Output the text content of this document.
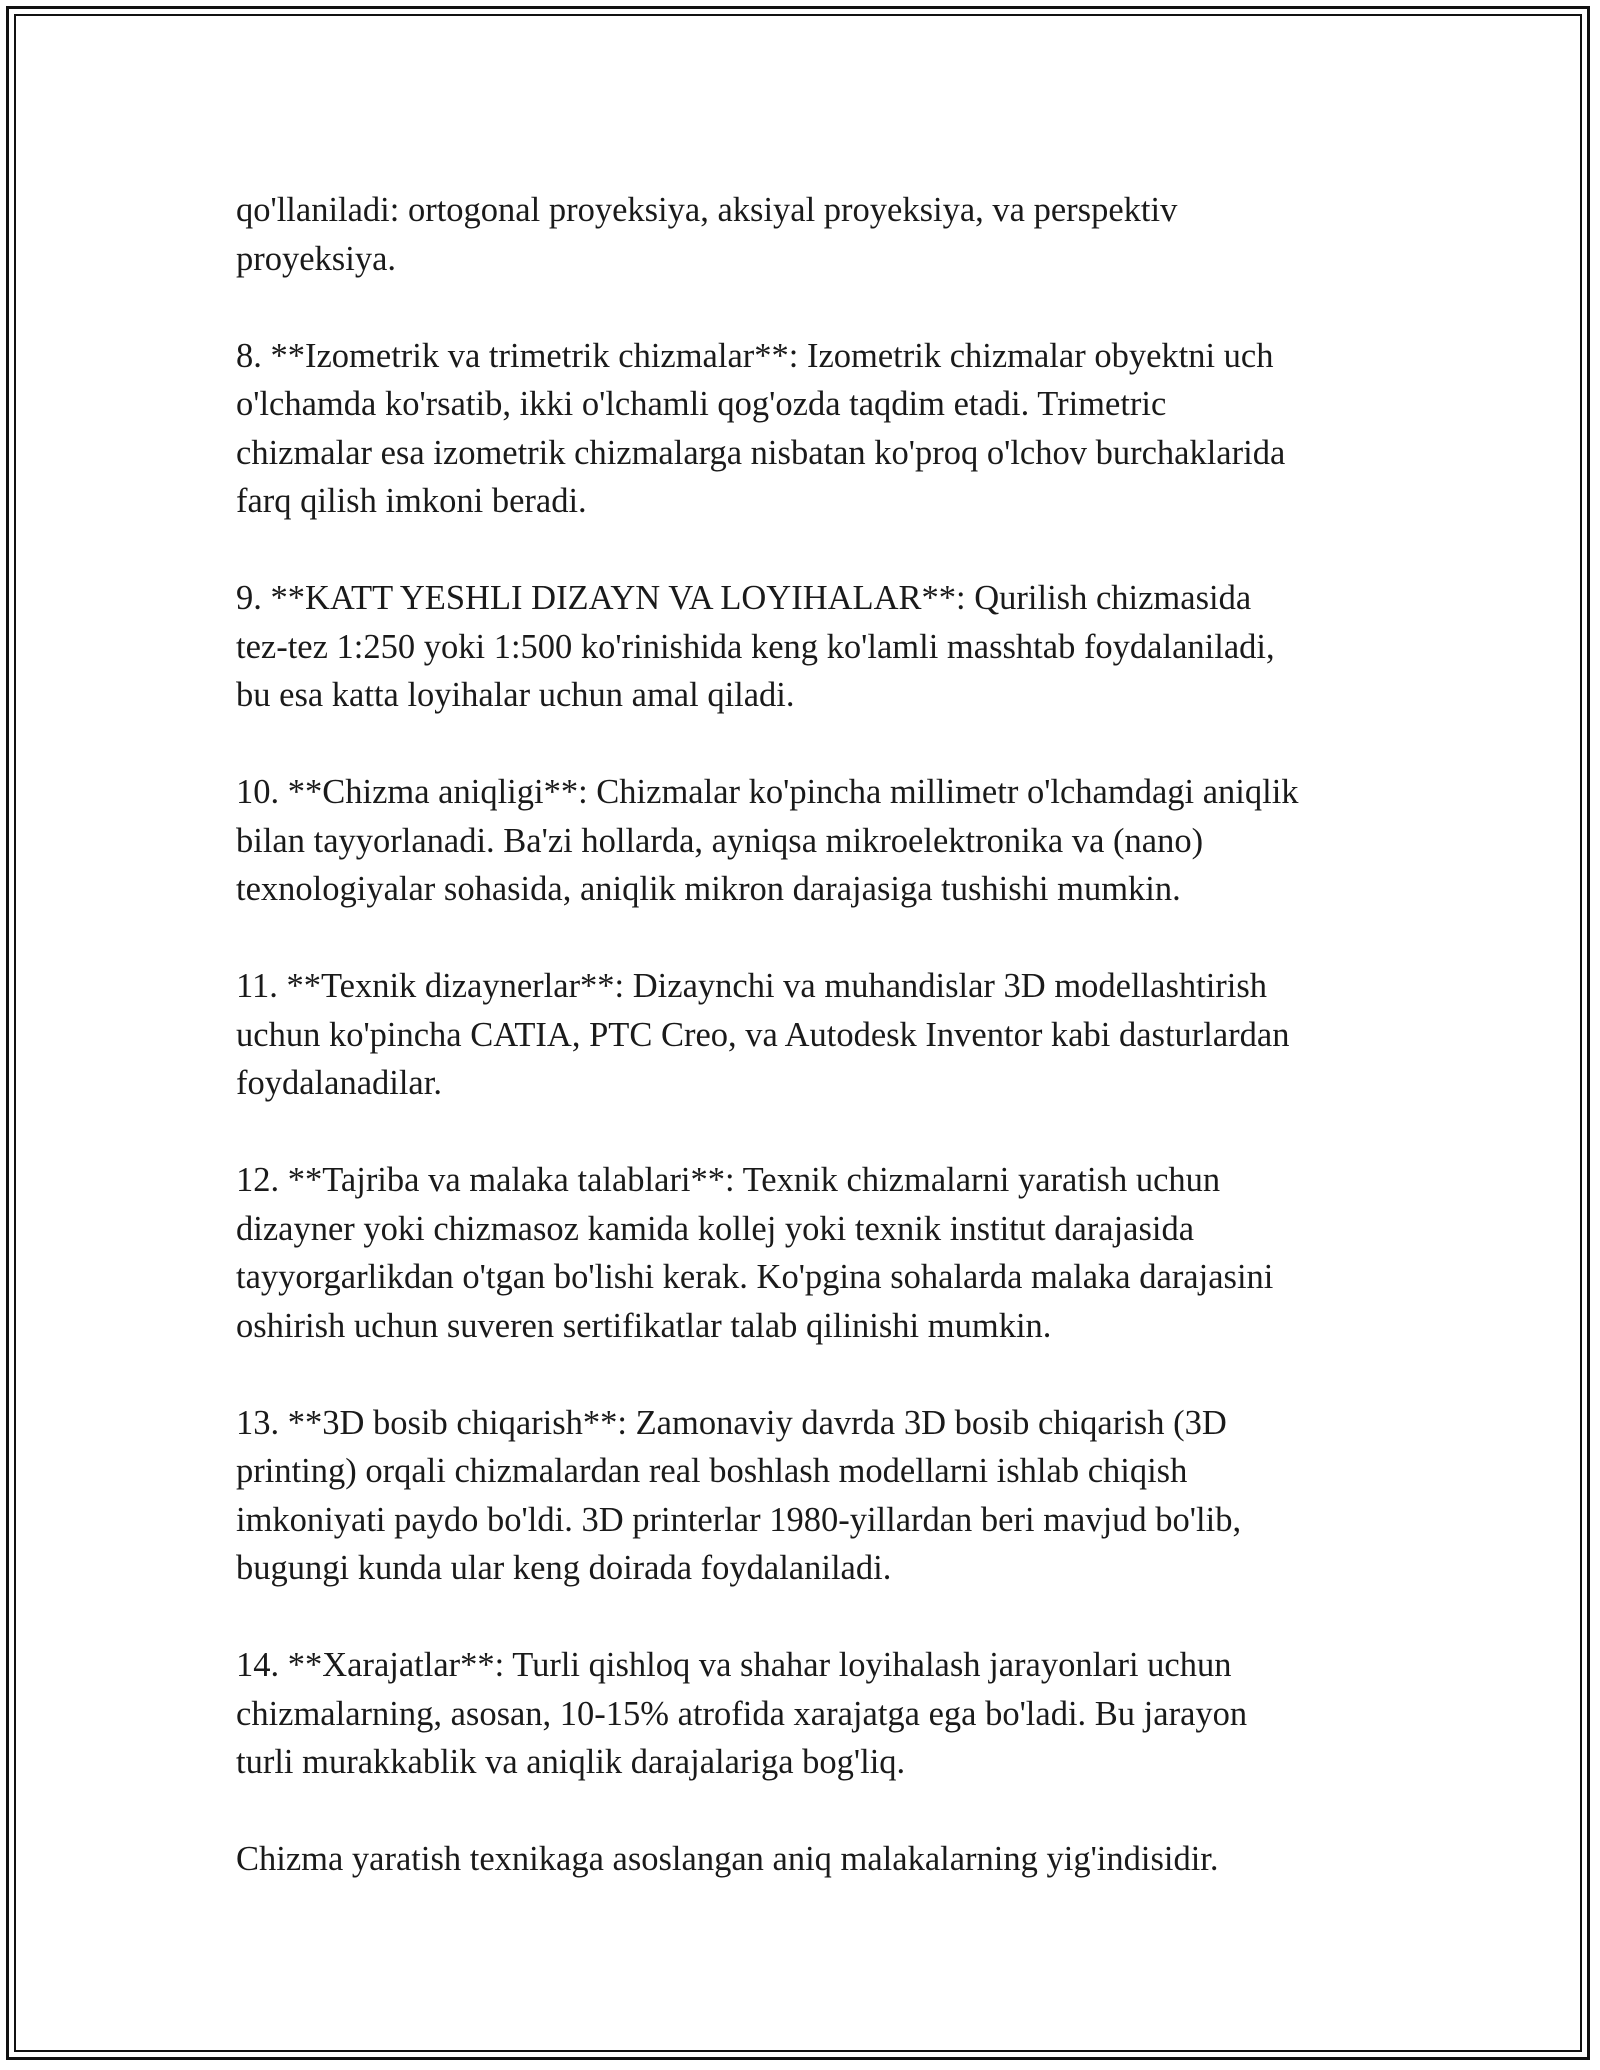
qo'llaniladi: ortogonal proyeksiya, aksiyal proyeksiya, va perspektiv
proyeksiya.

8. **Izometrik va trimetrik chizmalar**: Izometrik chizmalar obyektni uch
o'lchamda ko'rsatib, ikki o'lchamli qog'ozda taqdim etadi. Trimetric
chizmalar esa izometrik chizmalarga nisbatan ko'proq o'lchov burchaklarida
farq qilish imkoni beradi.

9. **KATT YESHLI DIZAYN VA LOYIHALAR**: Qurilish chizmasida
tez-tez 1:250 yoki 1:500 ko'rinishida keng ko'lamli masshtab foydalaniladi,
bu esa katta loyihalar uchun amal qiladi.

10. **Chizma aniqligi**: Chizmalar ko'pincha millimetr o'lchamdagi aniqlik
bilan tayyorlanadi. Ba'zi hollarda, ayniqsa mikroelektronika va (nano)
texnologiyalar sohasida, aniqlik mikron darajasiga tushishi mumkin.

11. **Texnik dizaynerlar**: Dizaynchi va muhandislar 3D modellashtirish
uchun ko'pincha CATIA, PTC Creo, va Autodesk Inventor kabi dasturlardan
foydalanadilar.

12. **Tajriba va malaka talablari**: Texnik chizmalarni yaratish uchun
dizayner yoki chizmasoz kamida kollej yoki texnik institut darajasida
tayyorgarlikdan o'tgan bo'lishi kerak. Ko'pgina sohalarda malaka darajasini
oshirish uchun suveren sertifikatlar talab qilinishi mumkin.

13. **3D bosib chiqarish**: Zamonaviy davrda 3D bosib chiqarish (3D
printing) orqali chizmalardan real boshlash modellarni ishlab chiqish
imkoniyati paydo bo'ldi. 3D printerlar 1980-yillardan beri mavjud bo'lib,
bugungi kunda ular keng doirada foydalaniladi.

14. **Xarajatlar**: Turli qishloq va shahar loyihalash jarayonlari uchun
chizmalarning, asosan, 10-15% atrofida xarajatga ega bo'ladi. Bu jarayon
turli murakkablik va aniqlik darajalariga bog'liq.

Chizma yaratish texnikaga asoslangan aniq malakalarning yig'indisidir.
